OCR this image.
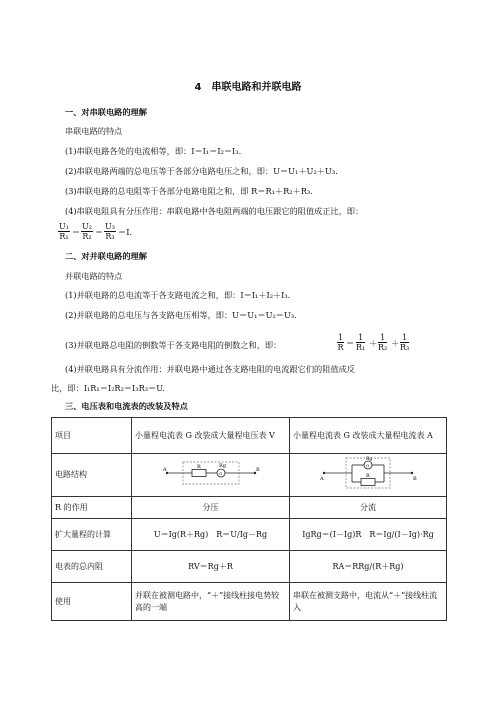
4　串联电路和并联电路
一、对串联电路的理解
串联电路的特点
(1)串联电路各处的电流相等，即：I＝I₁＝I₂＝I₃.
(2)串联电路两端的总电压等于各部分电路电压之和，即：U＝U₁＋U₂＋U₃.
(3)串联电路的总电阻等于各部分电路电阻之和，即 R＝R₁＋R₂＋R₃.
(4)串联电阻具有分压作用：串联电路中各电阻两端的电压跟它的阻值成正比，即：
$\frac{\text{U₁}}{\text{R₁}} = \frac{\text{U₂}}{\text{R₂}} = \frac{\text{U₃}}{\text{R₃}} =I$.
二、对并联电路的理解
并联电路的特点
(1)并联电路的总电流等于各支路电流之和，即：I＝I₁＋I₂＋I₃.
(2)并联电路的总电压与各支路电压相等，即：U＝U₁＝U₂＝U₃.
(3)并联电路总电阻的倒数等于各支路电阻的倒数之和，即：	$\frac{1}{R} = \frac{1}{\text{R₁}} + \frac{1}{\text{R₂}} + \frac{1}{\text{R₃}}$
(4)并联电路具有分流作用：并联电路中通过各支路电阻的电流跟它们的阻值成反
比，即：I₁R₁＝I₂R₂＝I₃R₃＝U.
三、电压表和电流表的改装及特点
项目	小量程电流表 G 改装成大量程电压表 V	小量程电流表 G 改装成大量程电流表 A
电路结构	A B
R Rg
G	A B
Rg
G
R

R 的作用	分压	分流
扩大量程的计算	U＝Ig(R＋Rg)　R＝U/Ig－Rg	IgRg＝(I－Ig)R　R＝Ig/(I－Ig)·Rg
电表的总内阻	RV＝Rg＋R	RA＝RRg/(R＋Rg)
使用	并联在被测电路中，“＋”接线柱接电势较高的一端	串联在被测支路中，电流从“＋”接线柱流入
